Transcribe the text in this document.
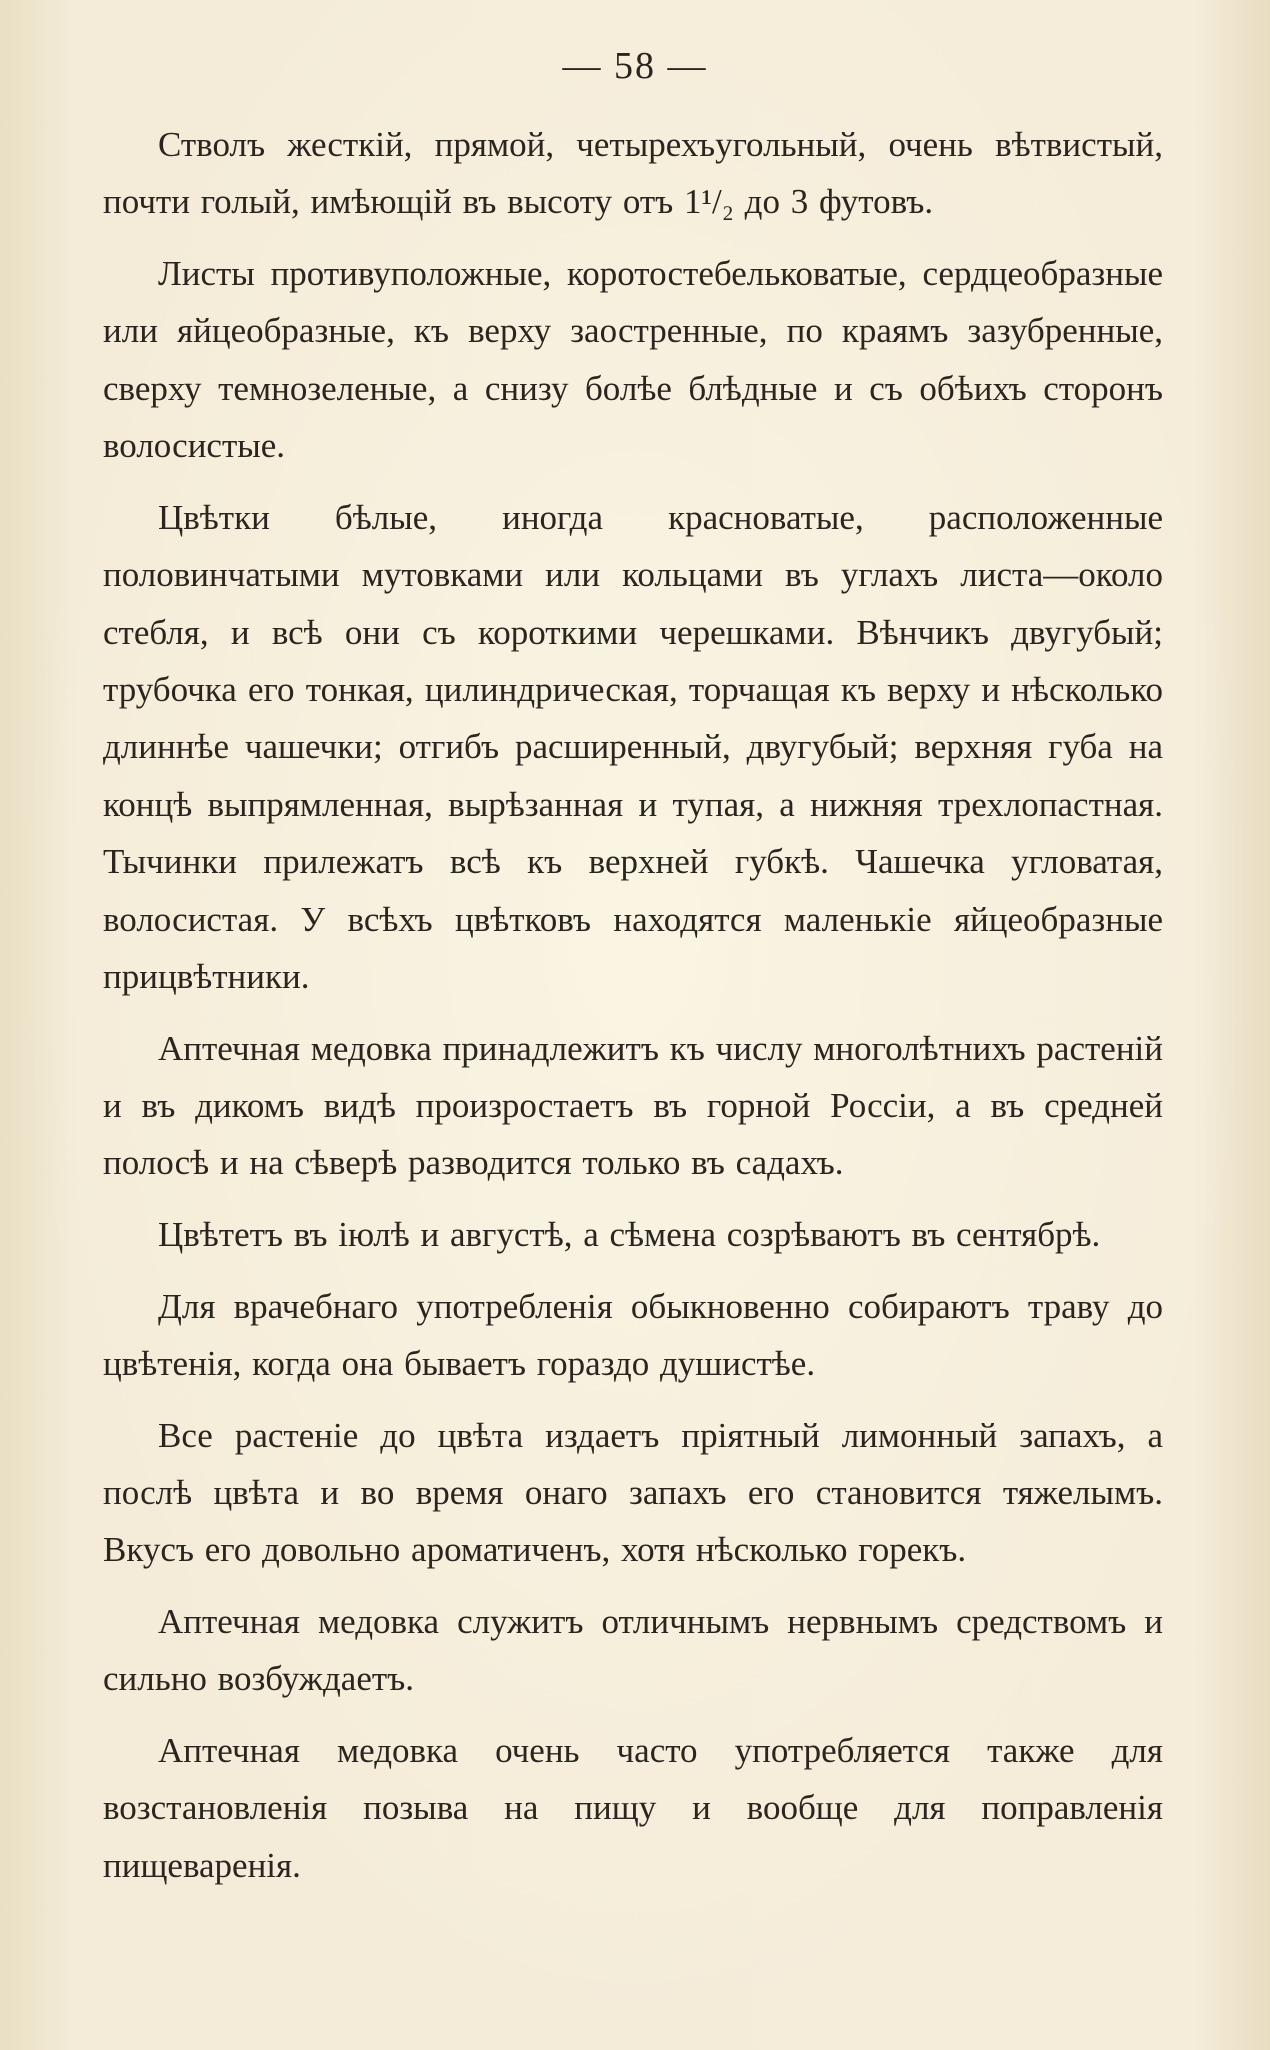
— 58 —

Стволъ жесткій, прямой, четырехъугольный, очень вѣтвистый, почти голый, имѣющій въ высоту отъ 1¹/₂ до 3 футовъ.

Листы противуположные, коротостебельковатые, сердцеобразные или яйцеобразные, къ верху заостренные, по краямъ зазубренные, сверху темнозеленые, а снизу болѣе блѣдные и съ обѣихъ сторонъ волосистые.

Цвѣтки бѣлые, иногда красноватые, расположенные половинчатыми мутовками или кольцами въ углахъ листа—около стебля, и всѣ они съ короткими черешками. Вѣнчикъ двугубый; трубочка его тонкая, цилиндрическая, торчащая къ верху и нѣсколько длиннѣе чашечки; отгибъ расширенный, двугубый; верхняя губа на концѣ выпрямленная, вырѣзанная и тупая, а нижняя трехлопастная. Тычинки прилежатъ всѣ къ верхней губкѣ. Чашечка угловатая, волосистая. У всѣхъ цвѣтковъ находятся маленькіе яйцеобразные прицвѣтники.

Аптечная медовка принадлежитъ къ числу многолѣтнихъ растеній и въ дикомъ видѣ произростаетъ въ горной Россіи, а въ средней полосѣ и на сѣверѣ разводится только въ садахъ.

Цвѣтетъ въ іюлѣ и августѣ, а сѣмена созрѣваютъ въ сентябрѣ.

Для врачебнаго употребленія обыкновенно собираютъ траву до цвѣтенія, когда она бываетъ гораздо душистѣе.

Все растеніе до цвѣта издаетъ пріятный лимонный запахъ, а послѣ цвѣта и во время онаго запахъ его становится тяжелымъ. Вкусъ его довольно ароматиченъ, хотя нѣсколько горекъ.

Аптечная медовка служитъ отличнымъ нервнымъ средствомъ и сильно возбуждаетъ.

Аптечная медовка очень часто употребляется также для возстановленія позыва на пищу и вообще для поправленія пищеваренія.
